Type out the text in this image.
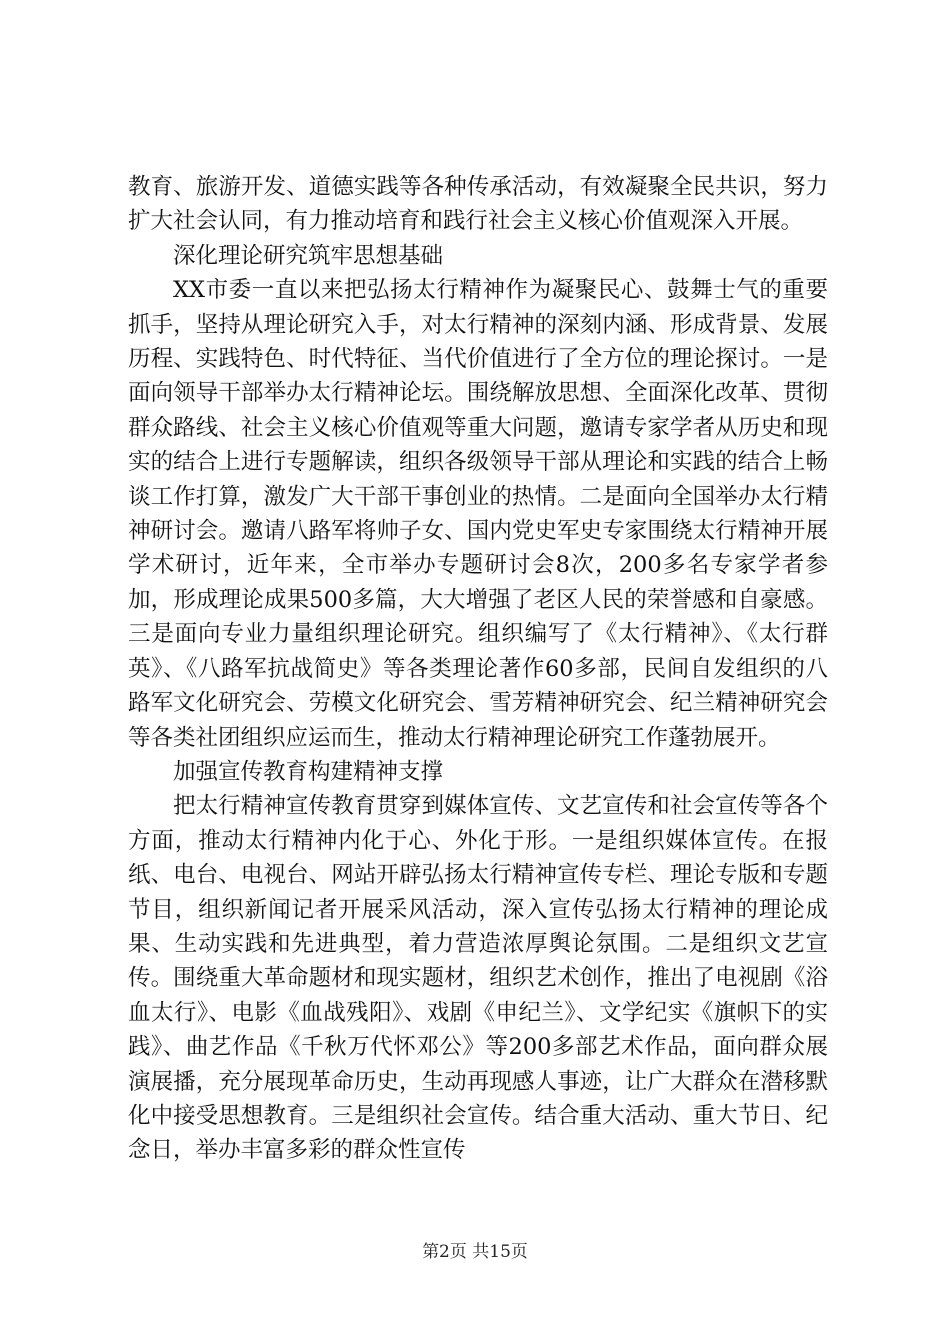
教育、旅游开发、道德实践等各种传承活动，有效凝聚全民共识，努力扩大社会认同，有力推动培育和践行社会主义核心价值观深入开展。

深化理论研究筑牢思想基础

XX市委一直以来把弘扬太行精神作为凝聚民心、鼓舞士气的重要抓手，坚持从理论研究入手，对太行精神的深刻内涵、形成背景、发展历程、实践特色、时代特征、当代价值进行了全方位的理论探讨。一是面向领导干部举办太行精神论坛。围绕解放思想、全面深化改革、贯彻群众路线、社会主义核心价值观等重大问题，邀请专家学者从历史和现实的结合上进行专题解读，组织各级领导干部从理论和实践的结合上畅谈工作打算，激发广大干部干事创业的热情。二是面向全国举办太行精神研讨会。邀请八路军将帅子女、国内党史军史专家围绕太行精神开展学术研讨，近年来，全市举办专题研讨会8次，200多名专家学者参加，形成理论成果500多篇，大大增强了老区人民的荣誉感和自豪感。三是面向专业力量组织理论研究。组织编写了《太行精神》、《太行群英》、《八路军抗战简史》等各类理论著作60多部，民间自发组织的八路军文化研究会、劳模文化研究会、雪芳精神研究会、纪兰精神研究会等各类社团组织应运而生，推动太行精神理论研究工作蓬勃展开。

加强宣传教育构建精神支撑

把太行精神宣传教育贯穿到媒体宣传、文艺宣传和社会宣传等各个方面，推动太行精神内化于心、外化于形。一是组织媒体宣传。在报纸、电台、电视台、网站开辟弘扬太行精神宣传专栏、理论专版和专题节目，组织新闻记者开展采风活动，深入宣传弘扬太行精神的理论成果、生动实践和先进典型，着力营造浓厚舆论氛围。二是组织文艺宣传。围绕重大革命题材和现实题材，组织艺术创作，推出了电视剧《浴血太行》、电影《血战残阳》、戏剧《申纪兰》、文学纪实《旗帜下的实践》、曲艺作品《千秋万代怀邓公》等200多部艺术作品，面向群众展演展播，充分展现革命历史，生动再现感人事迹，让广大群众在潜移默化中接受思想教育。三是组织社会宣传。结合重大活动、重大节日、纪念日，举办丰富多彩的群众性宣传

第2页 共15页
